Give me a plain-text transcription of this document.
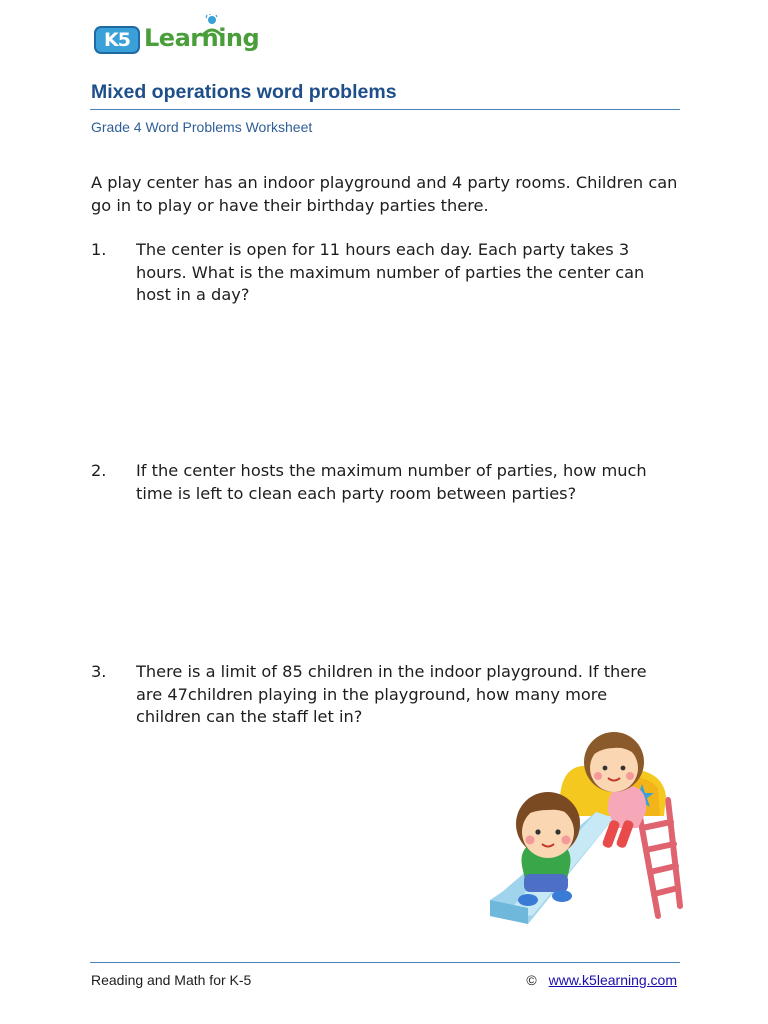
K5 Learning
Mixed operations word problems
Grade 4 Word Problems Worksheet

A play center has an indoor playground and 4 party rooms. Children can go in to play or have their birthday parties there.

1. The center is open for 11 hours each day. Each party takes 3 hours. What is the maximum number of parties the center can host in a day?

2. If the center hosts the maximum number of parties, how much time is left to clean each party room between parties?

3. There is a limit of 85 children in the indoor playground. If there are 47children playing in the playground, how many more children can the staff let in?

Reading and Math for K-5	© www.k5learning.com
